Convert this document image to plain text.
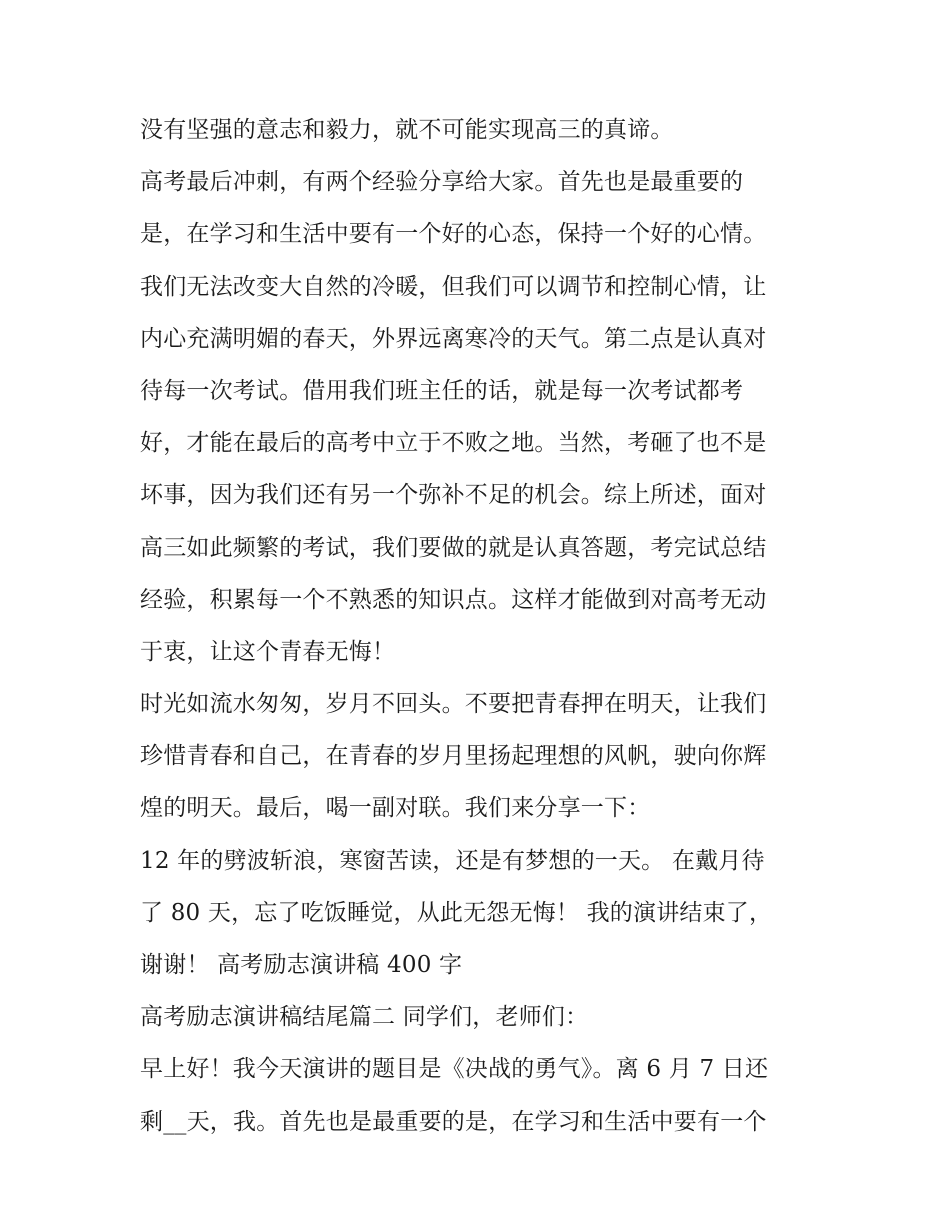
没有坚强的意志和毅力，就不可能实现高三的真谛。
高考最后冲刺，有两个经验分享给大家。首先也是最重要的
是，在学习和生活中要有一个好的心态，保持一个好的心情。
我们无法改变大自然的冷暖，但我们可以调节和控制心情，让
内心充满明媚的春天，外界远离寒冷的天气。第二点是认真对
待每一次考试。借用我们班主任的话，就是每一次考试都考
好，才能在最后的高考中立于不败之地。当然，考砸了也不是
坏事，因为我们还有另一个弥补不足的机会。综上所述，面对
高三如此频繁的考试，我们要做的就是认真答题，考完试总结
经验，积累每一个不熟悉的知识点。这样才能做到对高考无动
于衷，让这个青春无悔！
时光如流水匆匆，岁月不回头。不要把青春押在明天，让我们
珍惜青春和自己，在青春的岁月里扬起理想的风帆，驶向你辉
煌的明天。最后，喝一副对联。我们来分享一下：
12 年的劈波斩浪，寒窗苦读，还是有梦想的一天。 在戴月待
了 80 天，忘了吃饭睡觉，从此无怨无悔！ 我的演讲结束了，
谢谢！ 高考励志演讲稿 400 字
高考励志演讲稿结尾篇二 同学们，老师们：
早上好！我今天演讲的题目是《决战的勇气》。离 6 月 7 日还
剩__天，我。首先也是最重要的是，在学习和生活中要有一个
